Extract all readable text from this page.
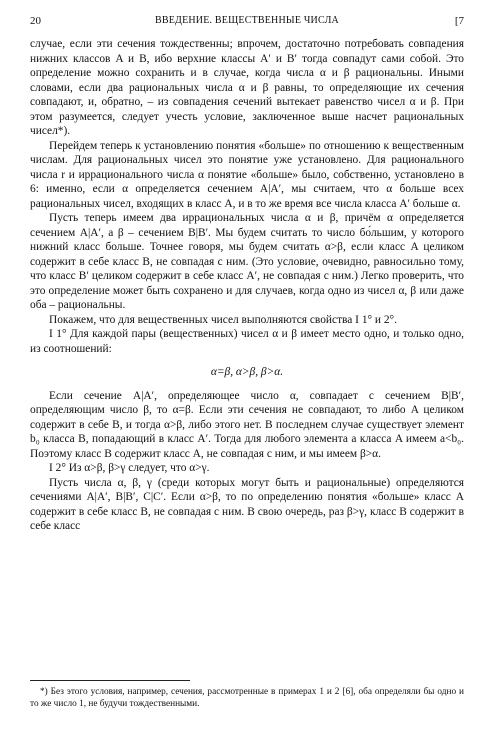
20	ВВЕДЕНИЕ. ВЕЩЕСТВЕННЫЕ ЧИСЛА	[7

случае, если эти сечения тождественны; впрочем, достаточно потребовать совпадения нижних классов A и B, ибо верхние классы A′ и B′ тогда совпадут сами собой. Это определение можно сохранить и в случае, когда числа α и β рациональны. Иными словами, если два рациональных числа α и β равны, то определяющие их сечения совпадают, и, обратно, – из совпадения сечений вытекает равенство чисел α и β. При этом разумеется, следует учесть условие, заключенное выше насчет рациональных чисел*).

Перейдем теперь к установлению понятия «больше» по отношению к вещественным числам. Для рациональных чисел это понятие уже установлено. Для рационального числа r и иррационального числа α понятие «больше» было, собственно, установлено в 6: именно, если α определяется сечением A|A′, мы считаем, что α больше всех рациональных чисел, входящих в класс A, и в то же время все числа класса A′ больше α.

Пусть теперь имеем два иррациональных числа α и β, причём α определяется сечением A|A′, а β – сечением B|B′. Мы будем считать то число бо́льшим, у которого нижний класс больше. Точнее говоря, мы будем считать α>β, если класс A целиком содержит в себе класс B, не совпадая с ним. (Это условие, очевидно, равносильно тому, что класс B′ целиком содержит в себе класс A′, не совпадая с ним.) Легко проверить, что это определение может быть сохранено и для случаев, когда одно из чисел α, β или даже оба – рациональны.

Покажем, что для вещественных чисел выполняются свойства I 1° и 2°.

I 1° Для каждой пары (вещественных) чисел α и β имеет место одно, и только одно, из соотношений:

α=β, α>β, β>α.

Если сечение A|A′, определяющее число α, совпадает с сечением B|B′, определяющим число β, то α=β. Если эти сечения не совпадают, то либо A целиком содержит в себе B, и тогда α>β, либо этого нет. В последнем случае существует элемент b₀ класса B, попадающий в класс A′. Тогда для любого элемента a класса A имеем a<b₀. Поэтому класс B содержит класс A, не совпадая с ним, и мы имеем β>α.

I 2° Из α>β, β>γ следует, что α>γ.

Пусть числа α, β, γ (среди которых могут быть и рациональные) определяются сечениями A|A′, B|B′, C|C′. Если α>β, то по определению понятия «больше» класс A содержит в себе класс B, не совпадая с ним. В свою очередь, раз β>γ, класс B содержит в себе класс

*) Без этого условия, например, сечения, рассмотренные в примерах 1 и 2 [6], оба определяли бы одно и то же число 1, не будучи тождественными.
